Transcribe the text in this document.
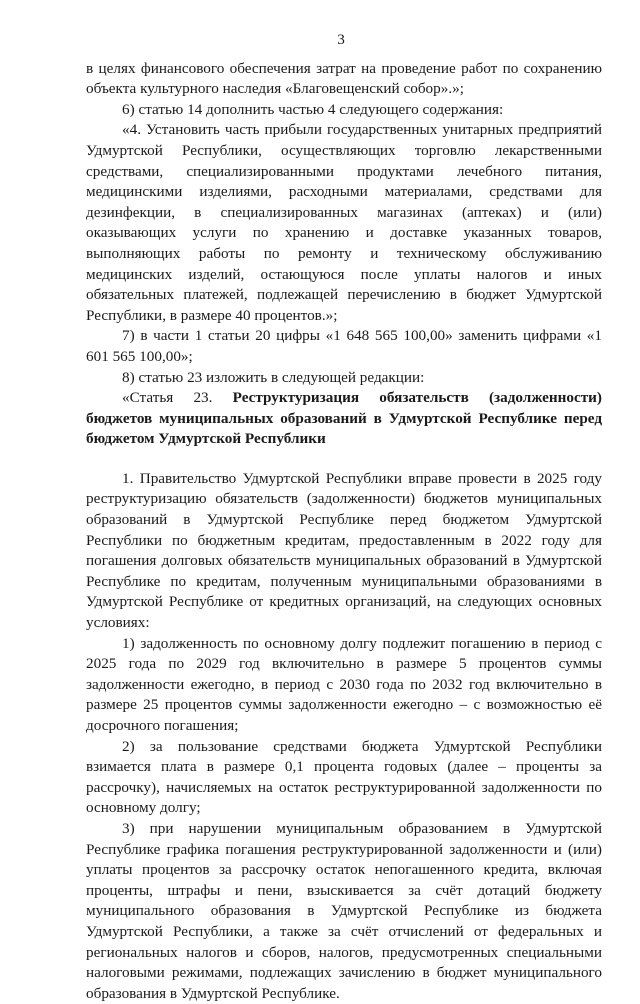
3

в целях финансового обеспечения затрат на проведение работ по сохранению объекта культурного наследия «Благовещенский собор».»;

6) статью 14 дополнить частью 4 следующего содержания:

«4. Установить часть прибыли государственных унитарных предприятий Удмуртской Республики, осуществляющих торговлю лекарственными средствами, специализированными продуктами лечебного питания, медицинскими изделиями, расходными материалами, средствами для дезинфекции, в специализированных магазинах (аптеках) и (или) оказывающих услуги по хранению и доставке указанных товаров, выполняющих работы по ремонту и техническому обслуживанию медицинских изделий, остающуюся после уплаты налогов и иных обязательных платежей, подлежащей перечислению в бюджет Удмуртской Республики, в размере 40 процентов.»;

7) в части 1 статьи 20 цифры «1 648 565 100,00» заменить цифрами «1 601 565 100,00»;

8) статью 23 изложить в следующей редакции:

«Статья 23. Реструктуризация обязательств (задолженности) бюджетов муниципальных образований в Удмуртской Республике перед бюджетом Удмуртской Республики

1. Правительство Удмуртской Республики вправе провести в 2025 году реструктуризацию обязательств (задолженности) бюджетов муниципальных образований в Удмуртской Республике перед бюджетом Удмуртской Республики по бюджетным кредитам, предоставленным в 2022 году для погашения долговых обязательств муниципальных образований в Удмуртской Республике по кредитам, полученным муниципальными образованиями в Удмуртской Республике от кредитных организаций, на следующих основных условиях:

1) задолженность по основному долгу подлежит погашению в период с 2025 года по 2029 год включительно в размере 5 процентов суммы задолженности ежегодно, в период с 2030 года по 2032 год включительно в размере 25 процентов суммы задолженности ежегодно – с возможностью её досрочного погашения;

2) за пользование средствами бюджета Удмуртской Республики взимается плата в размере 0,1 процента годовых (далее – проценты за рассрочку), начисляемых на остаток реструктурированной задолженности по основному долгу;

3) при нарушении муниципальным образованием в Удмуртской Республике графика погашения реструктурированной задолженности и (или) уплаты процентов за рассрочку остаток непогашенного кредита, включая проценты, штрафы и пени, взыскивается за счёт дотаций бюджету муниципального образования в Удмуртской Республике из бюджета Удмуртской Республики, а также за счёт отчислений от федеральных и региональных налогов и сборов, налогов, предусмотренных специальными налоговыми режимами, подлежащих зачислению в бюджет муниципального образования в Удмуртской Республике.
